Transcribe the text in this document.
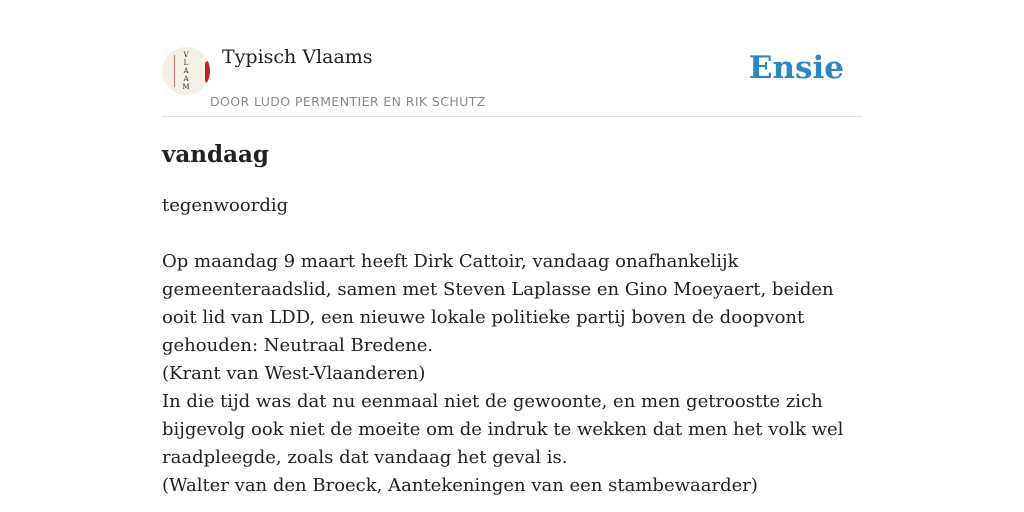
V
L
A
A
M
Typisch Vlaams
DOOR LUDO PERMENTIER EN RIK SCHUTZ
Ensie
vandaag

tegenwoordig

Op maandag 9 maart heeft Dirk Cattoir, vandaag onafhankelijk gemeenteraadslid, samen met Steven Laplasse en Gino Moeyaert, beiden ooit lid van LDD, een nieuwe lokale politieke partij boven de doopvont gehouden: Neutraal Bredene.

(Krant van West-Vlaanderen)

In die tijd was dat nu eenmaal niet de gewoonte, en men getroostte zich bijgevolg ook niet de moeite om de indruk te wekken dat men het volk wel raadpleegde, zoals dat vandaag het geval is.

(Walter van den Broeck, Aantekeningen van een stambewaarder)
